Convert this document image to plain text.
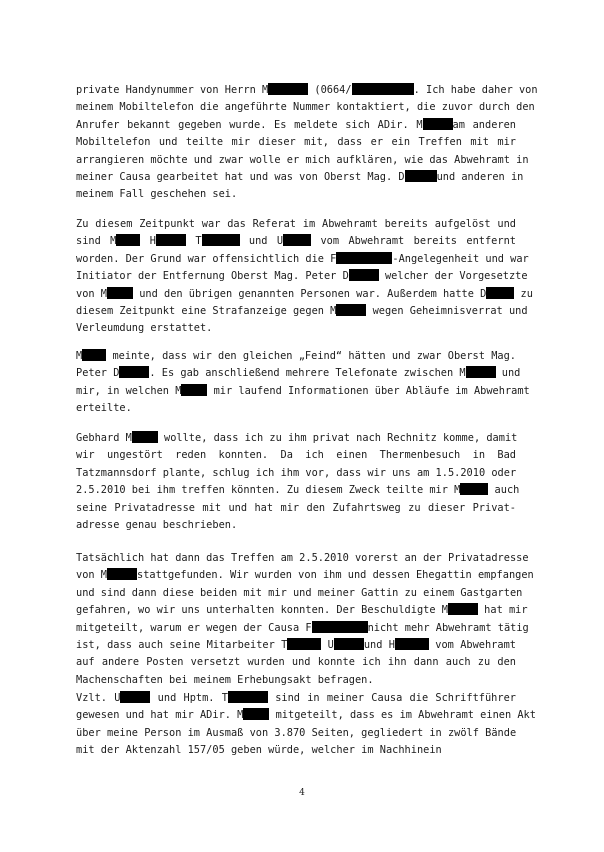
private Handynummer von Herrn M	(0664/	. Ich habe daher von
meinem Mobiltelefon die angeführte Nummer kontaktiert, die zuvor durch den
Anrufer bekannt gegeben wurde. Es meldete sich ADir. M	am anderen
Mobiltelefon und teilte mir dieser mit, dass er ein Treffen mit mir
arrangieren möchte und zwar wolle er mich aufklären, wie das Abwehramt in
meiner Causa gearbeitet hat und was von Oberst Mag. D	und anderen in
meinem Fall geschehen sei.
Zu diesem Zeitpunkt war das Referat im Abwehramt bereits aufgelöst und
sind M H	T	und U	vom Abwehramt bereits entfernt
worden. Der Grund war offensichtlich die F	-Angelegenheit und war
Initiator der Entfernung Oberst Mag. Peter D	welcher der Vorgesetzte
von M	und den übrigen genannten Personen war. Außerdem hatte D	zu
diesem Zeitpunkt eine Strafanzeige gegen M	wegen Geheimnisverrat und
Verleumdung erstattet.
M meinte, dass wir den gleichen „Feind“ hätten und zwar Oberst Mag.
Peter D	. Es gab anschließend mehrere Telefonate zwischen M	und
mir, in welchen M	mir laufend Informationen über Abläufe im Abwehramt
erteilte.
Gebhard M	wollte, dass ich zu ihm privat nach Rechnitz komme, damit
wir ungestört reden konnten. Da ich einen Thermenbesuch in Bad
Tatzmannsdorf plante, schlug ich ihm vor, dass wir uns am 1.5.2010 oder
2.5.2010 bei ihm treffen könnten. Zu diesem Zweck teilte mir M	auch
seine Privatadresse mit und hat mir den Zufahrtsweg zu dieser Privat-
adresse genau beschrieben.
Tatsächlich hat dann das Treffen am 2.5.2010 vorerst an der Privatadresse
von M	stattgefunden. Wir wurden von ihm und dessen Ehegattin empfangen
und sind dann diese beiden mit mir und meiner Gattin zu einem Gastgarten
gefahren, wo wir uns unterhalten konnten. Der Beschuldigte M	hat mir
mitgeteilt, warum er wegen der Causa F	nicht mehr Abwehramt tätig
ist, dass auch seine Mitarbeiter T	U	und H	vom Abwehramt
auf andere Posten versetzt wurden und konnte ich ihn dann auch zu den
Machenschaften bei meinem Erhebungsakt befragen.
Vzlt. U	und Hptm. T	sind in meiner Causa die Schriftführer
gewesen und hat mir ADir. M	mitgeteilt, dass es im Abwehramt einen Akt
über meine Person im Ausmaß von 3.870 Seiten, gegliedert in zwölf Bände
mit der Aktenzahl 157/05 geben würde, welcher im Nachhinein
4
